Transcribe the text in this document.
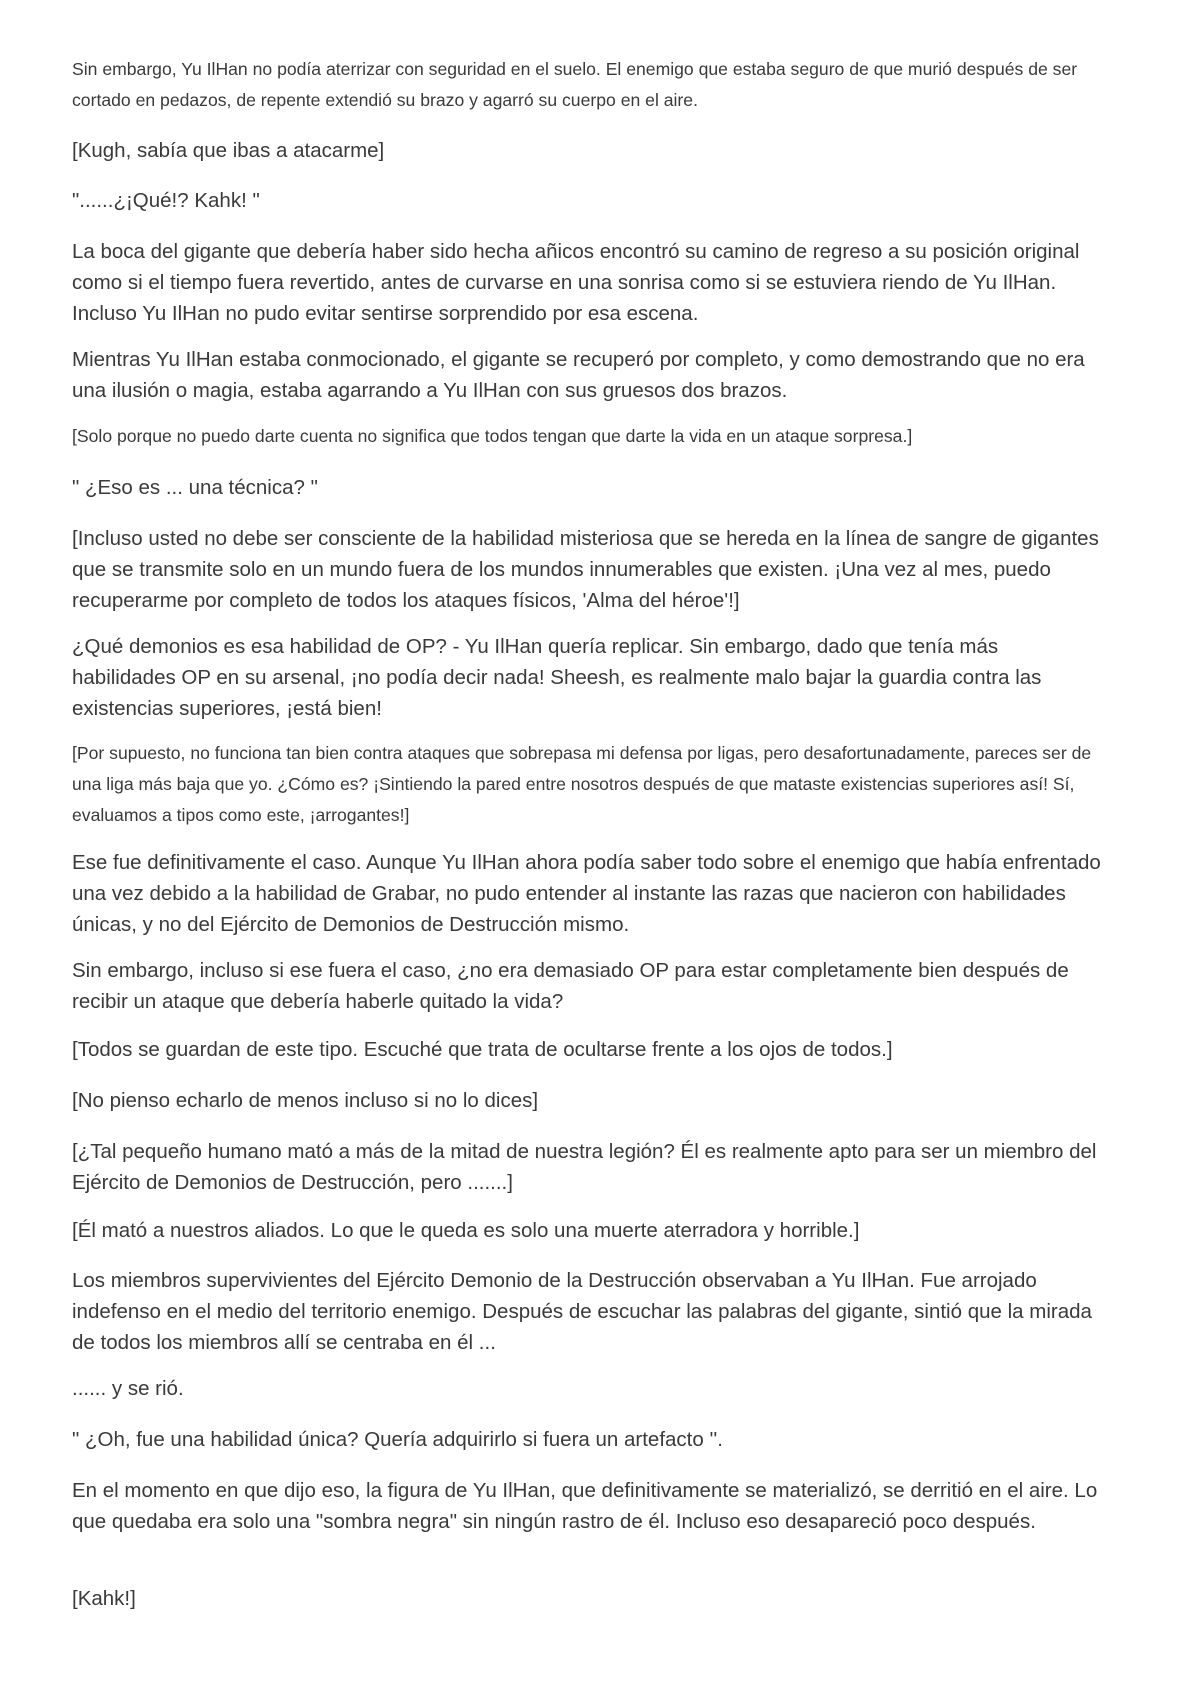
Sin embargo, Yu IlHan no podía aterrizar con seguridad en el suelo. El enemigo que estaba seguro de que murió después de ser cortado en pedazos, de repente extendió su brazo y agarró su cuerpo en el aire.

[Kugh, sabía que ibas a atacarme]

"......¿¡Qué!? Kahk! "

La boca del gigante que debería haber sido hecha añicos encontró su camino de regreso a su posición original como si el tiempo fuera revertido, antes de curvarse en una sonrisa como si se estuviera riendo de Yu IlHan. Incluso Yu IlHan no pudo evitar sentirse sorprendido por esa escena.

Mientras Yu IlHan estaba conmocionado, el gigante se recuperó por completo, y como demostrando que no era una ilusión o magia, estaba agarrando a Yu IlHan con sus gruesos dos brazos.

[Solo porque no puedo darte cuenta no significa que todos tengan que darte la vida en un ataque sorpresa.]

" ¿Eso es ... una técnica? "

[Incluso usted no debe ser consciente de la habilidad misteriosa que se hereda en la línea de sangre de gigantes que se transmite solo en un mundo fuera de los mundos innumerables que existen. ¡Una vez al mes, puedo recuperarme por completo de todos los ataques físicos, 'Alma del héroe'!]

¿Qué demonios es esa habilidad de OP? - Yu IlHan quería replicar. Sin embargo, dado que tenía más habilidades OP en su arsenal, ¡no podía decir nada! Sheesh, es realmente malo bajar la guardia contra las existencias superiores, ¡está bien!

[Por supuesto, no funciona tan bien contra ataques que sobrepasa mi defensa por ligas, pero desafortunadamente, pareces ser de una liga más baja que yo. ¿Cómo es? ¡Sintiendo la pared entre nosotros después de que mataste existencias superiores así! Sí, evaluamos a tipos como este, ¡arrogantes!]

Ese fue definitivamente el caso. Aunque Yu IlHan ahora podía saber todo sobre el enemigo que había enfrentado una vez debido a la habilidad de Grabar, no pudo entender al instante las razas que nacieron con habilidades únicas, y no del Ejército de Demonios de Destrucción mismo.

Sin embargo, incluso si ese fuera el caso, ¿no era demasiado OP para estar completamente bien después de recibir un ataque que debería haberle quitado la vida?

[Todos se guardan de este tipo. Escuché que trata de ocultarse frente a los ojos de todos.]

[No pienso echarlo de menos incluso si no lo dices]

[¿Tal pequeño humano mató a más de la mitad de nuestra legión? Él es realmente apto para ser un miembro del Ejército de Demonios de Destrucción, pero .......]

[Él mató a nuestros aliados. Lo que le queda es solo una muerte aterradora y horrible.]

Los miembros supervivientes del Ejército Demonio de la Destrucción observaban a Yu IlHan. Fue arrojado indefenso en el medio del territorio enemigo. Después de escuchar las palabras del gigante, sintió que la mirada de todos los miembros allí se centraba en él ...

...... y se rió.

" ¿Oh, fue una habilidad única? Quería adquirirlo si fuera un artefacto ''.

En el momento en que dijo eso, la figura de Yu IlHan, que definitivamente se materializó, se derritió en el aire. Lo que quedaba era solo una "sombra negra" sin ningún rastro de él. Incluso eso desapareció poco después.

[Kahk!]
